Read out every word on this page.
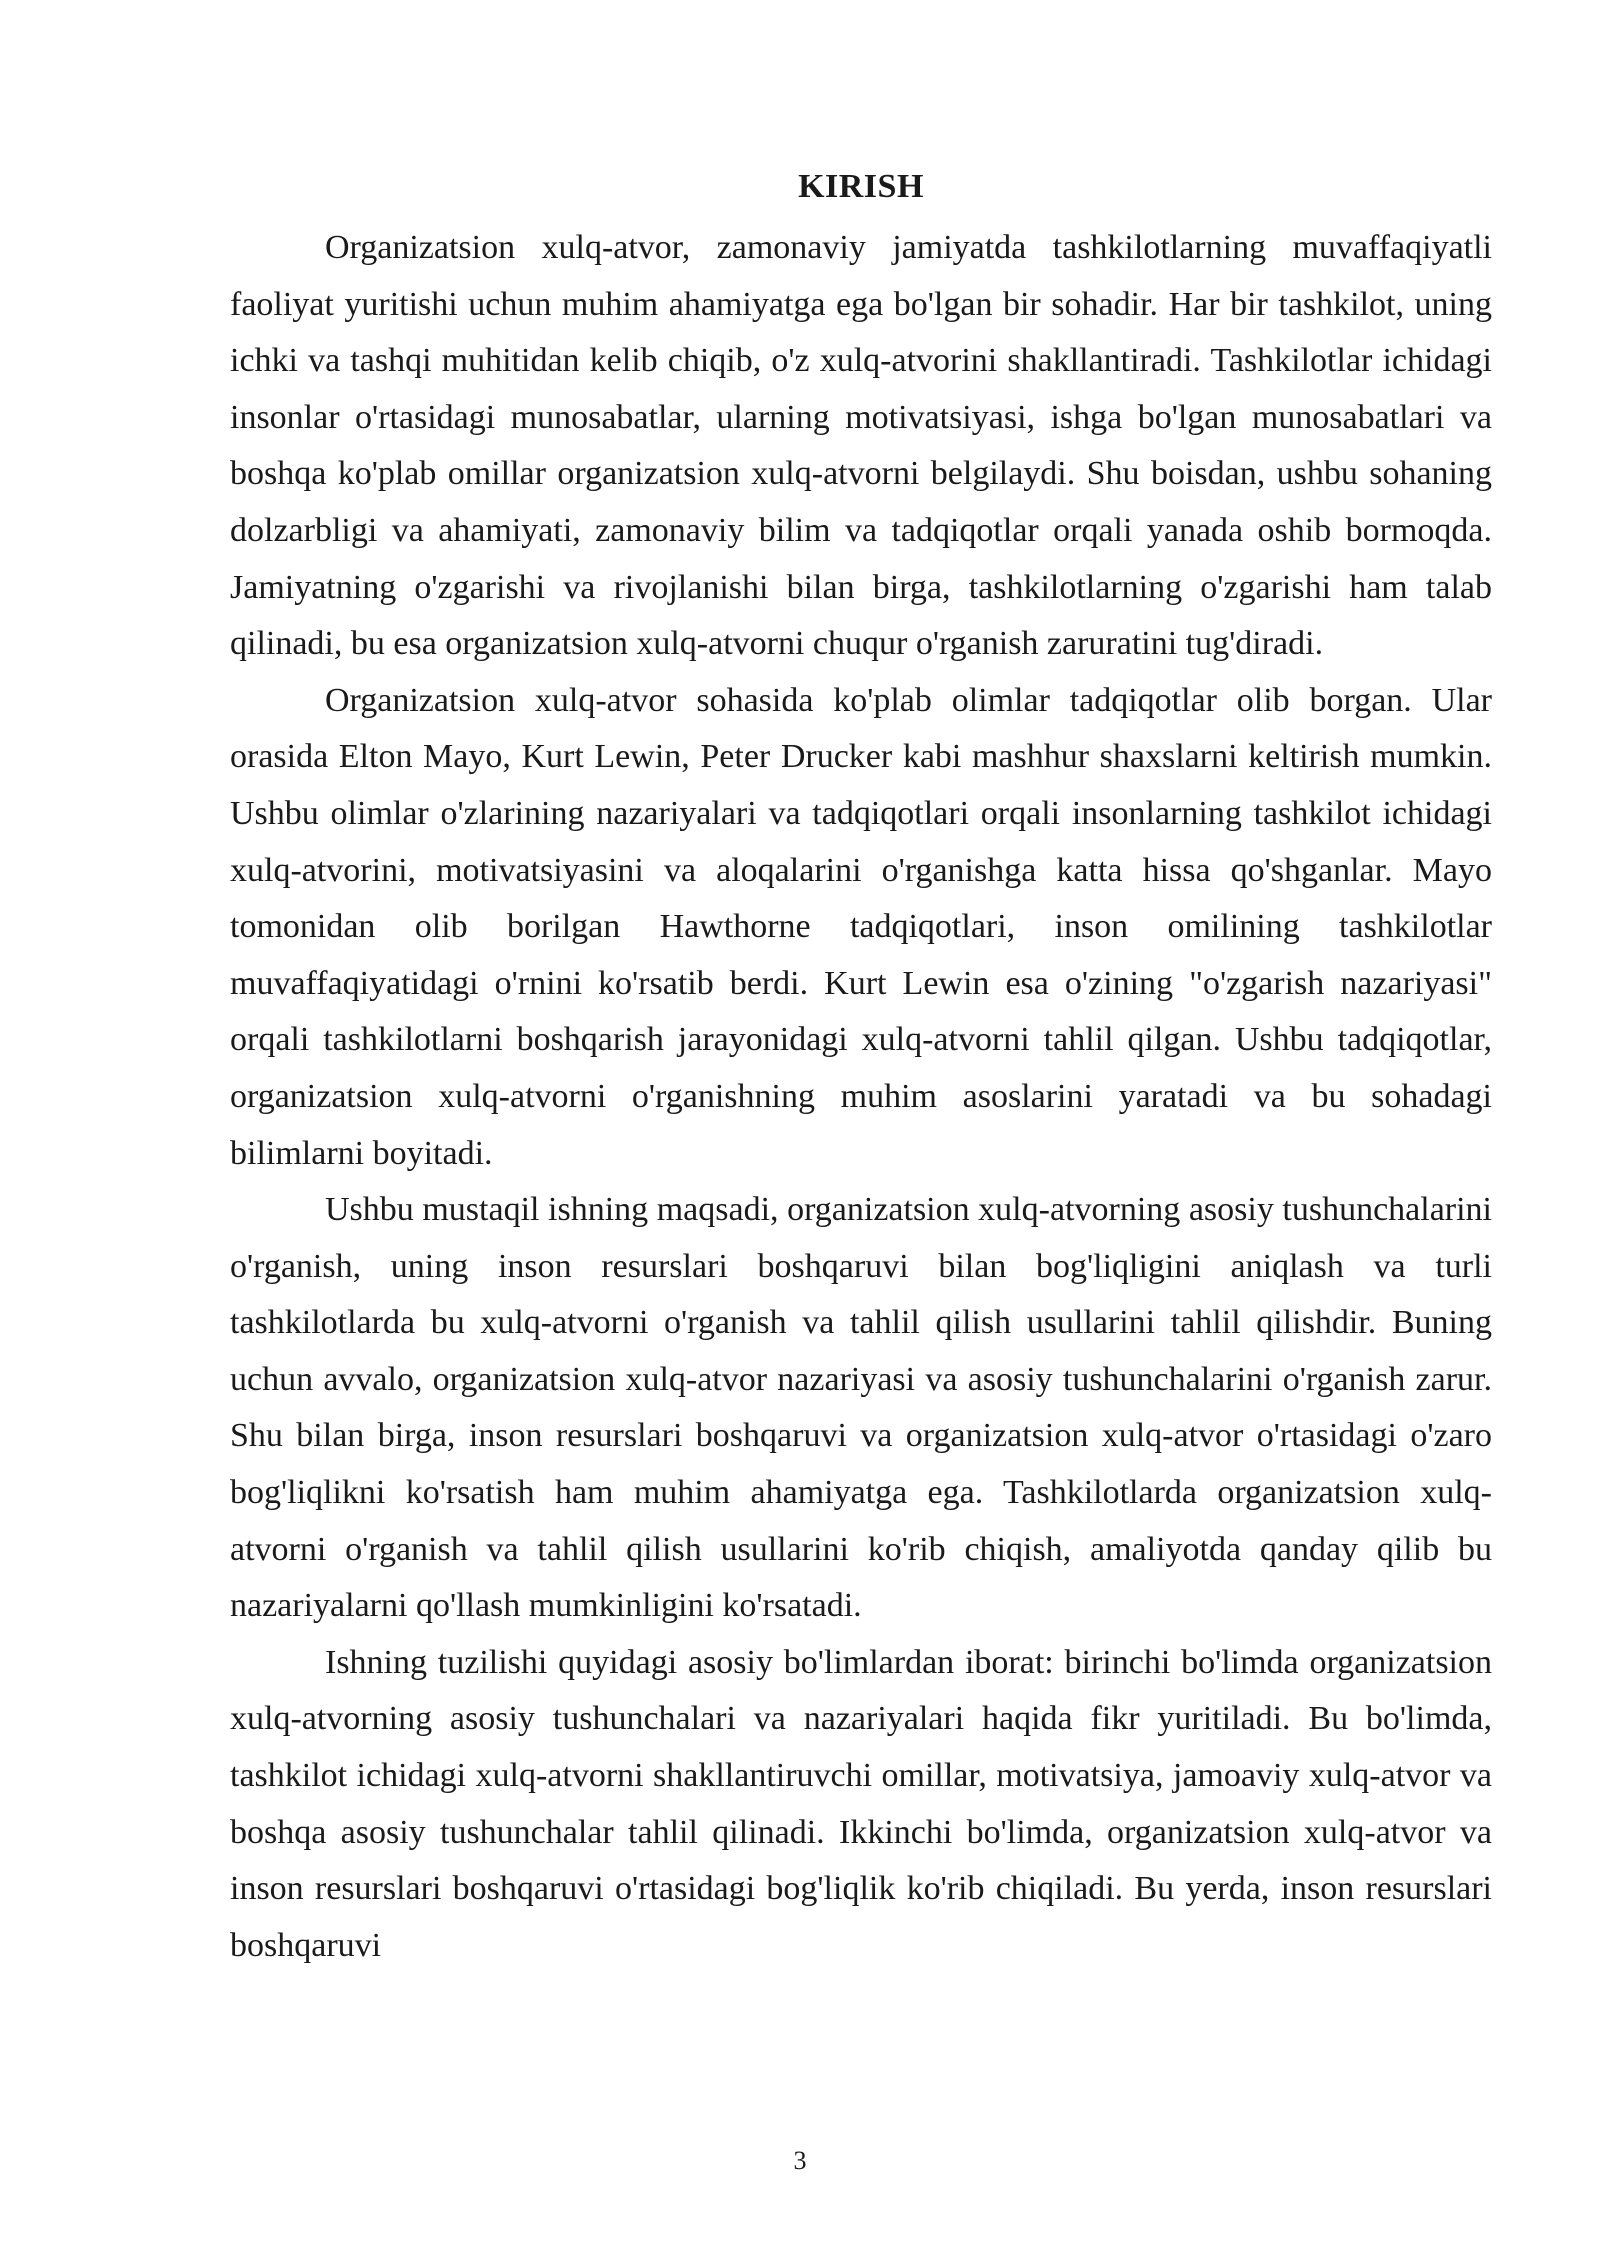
KIRISH

Organizatsion xulq-atvor, zamonaviy jamiyatda tashkilotlarning muvaffaqiyatli faoliyat yuritishi uchun muhim ahamiyatga ega bo'lgan bir sohadir. Har bir tashkilot, uning ichki va tashqi muhitidan kelib chiqib, o'z xulq-atvorini shakllantiradi. Tashkilotlar ichidagi insonlar o'rtasidagi munosabatlar, ularning motivatsiyasi, ishga bo'lgan munosabatlari va boshqa ko'plab omillar organizatsion xulq-atvorni belgilaydi. Shu boisdan, ushbu sohaning dolzarbligi va ahamiyati, zamonaviy bilim va tadqiqotlar orqali yanada oshib bormoqda. Jamiyatning o'zgarishi va rivojlanishi bilan birga, tashkilotlarning o'zgarishi ham talab qilinadi, bu esa organizatsion xulq-atvorni chuqur o'rganish zaruratini tug'diradi.

Organizatsion xulq-atvor sohasida ko'plab olimlar tadqiqotlar olib borgan. Ular orasida Elton Mayo, Kurt Lewin, Peter Drucker kabi mashhur shaxslarni keltirish mumkin. Ushbu olimlar o'zlarining nazariyalari va tadqiqotlari orqali insonlarning tashkilot ichidagi xulq-atvorini, motivatsiyasini va aloqalarini o'rganishga katta hissa qo'shganlar. Mayo tomonidan olib borilgan Hawthorne tadqiqotlari, inson omilining tashkilotlar muvaffaqiyatidagi o'rnini ko'rsatib berdi. Kurt Lewin esa o'zining "o'zgarish nazariyasi" orqali tashkilotlarni boshqarish jarayonidagi xulq-atvorni tahlil qilgan. Ushbu tadqiqotlar, organizatsion xulq-atvorni o'rganishning muhim asoslarini yaratadi va bu sohadagi bilimlarni boyitadi.

Ushbu mustaqil ishning maqsadi, organizatsion xulq-atvorning asosiy tushunchalarini o'rganish, uning inson resurslari boshqaruvi bilan bog'liqligini aniqlash va turli tashkilotlarda bu xulq-atvorni o'rganish va tahlil qilish usullarini tahlil qilishdir. Buning uchun avvalo, organizatsion xulq-atvor nazariyasi va asosiy tushunchalarini o'rganish zarur. Shu bilan birga, inson resurslari boshqaruvi va organizatsion xulq-atvor o'rtasidagi o'zaro bog'liqlikni ko'rsatish ham muhim ahamiyatga ega. Tashkilotlarda organizatsion xulq-atvorni o'rganish va tahlil qilish usullarini ko'rib chiqish, amaliyotda qanday qilib bu nazariyalarni qo'llash mumkinligini ko'rsatadi.

Ishning tuzilishi quyidagi asosiy bo'limlardan iborat: birinchi bo'limda organizatsion xulq-atvorning asosiy tushunchalari va nazariyalari haqida fikr yuritiladi. Bu bo'limda, tashkilot ichidagi xulq-atvorni shakllantiruvchi omillar, motivatsiya, jamoaviy xulq-atvor va boshqa asosiy tushunchalar tahlil qilinadi. Ikkinchi bo'limda, organizatsion xulq-atvor va inson resurslari boshqaruvi o'rtasidagi bog'liqlik ko'rib chiqiladi. Bu yerda, inson resurslari boshqaruvi

3
